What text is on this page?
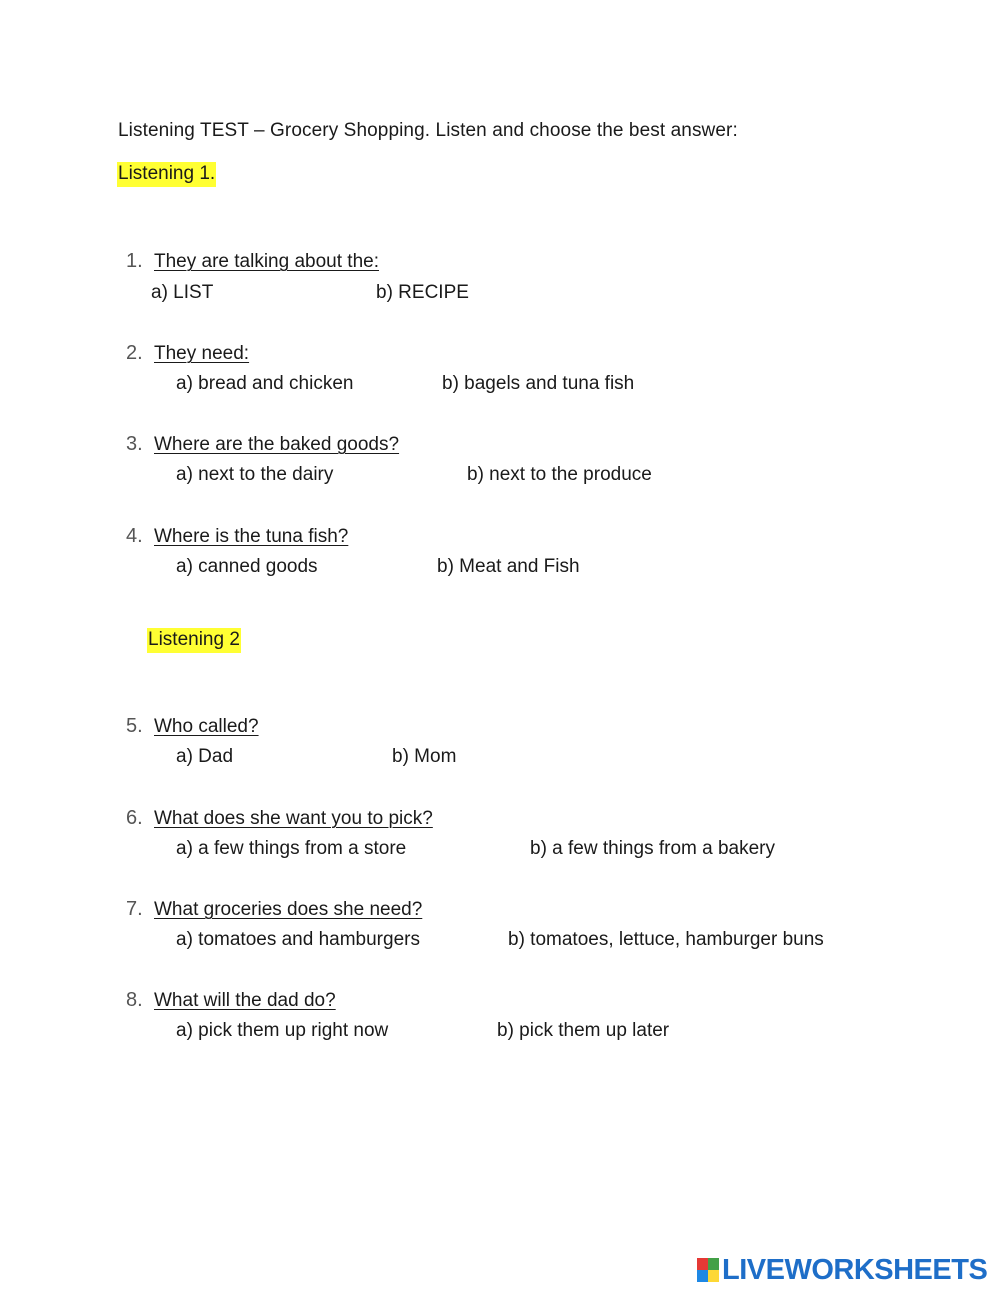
Listening TEST – Grocery Shopping. Listen and choose the best answer:
Listening 1.
1. They are talking about the:
a) LIST	b) RECIPE
2. They need:
a) bread and chicken	b) bagels and tuna fish
3. Where are the baked goods?
a) next to the dairy	b) next to the produce
4. Where is the tuna fish?
a) canned goods	b) Meat and Fish
Listening 2
5. Who called?
a) Dad	b) Mom
6. What does she want you to pick?
a) a few things from a store	b) a few things from a bakery
7. What groceries does she need?
a) tomatoes and hamburgers	b) tomatoes, lettuce, hamburger buns
8. What will the dad do?
a) pick them up right now	b) pick them up later
LIVEWORKSHEETS
